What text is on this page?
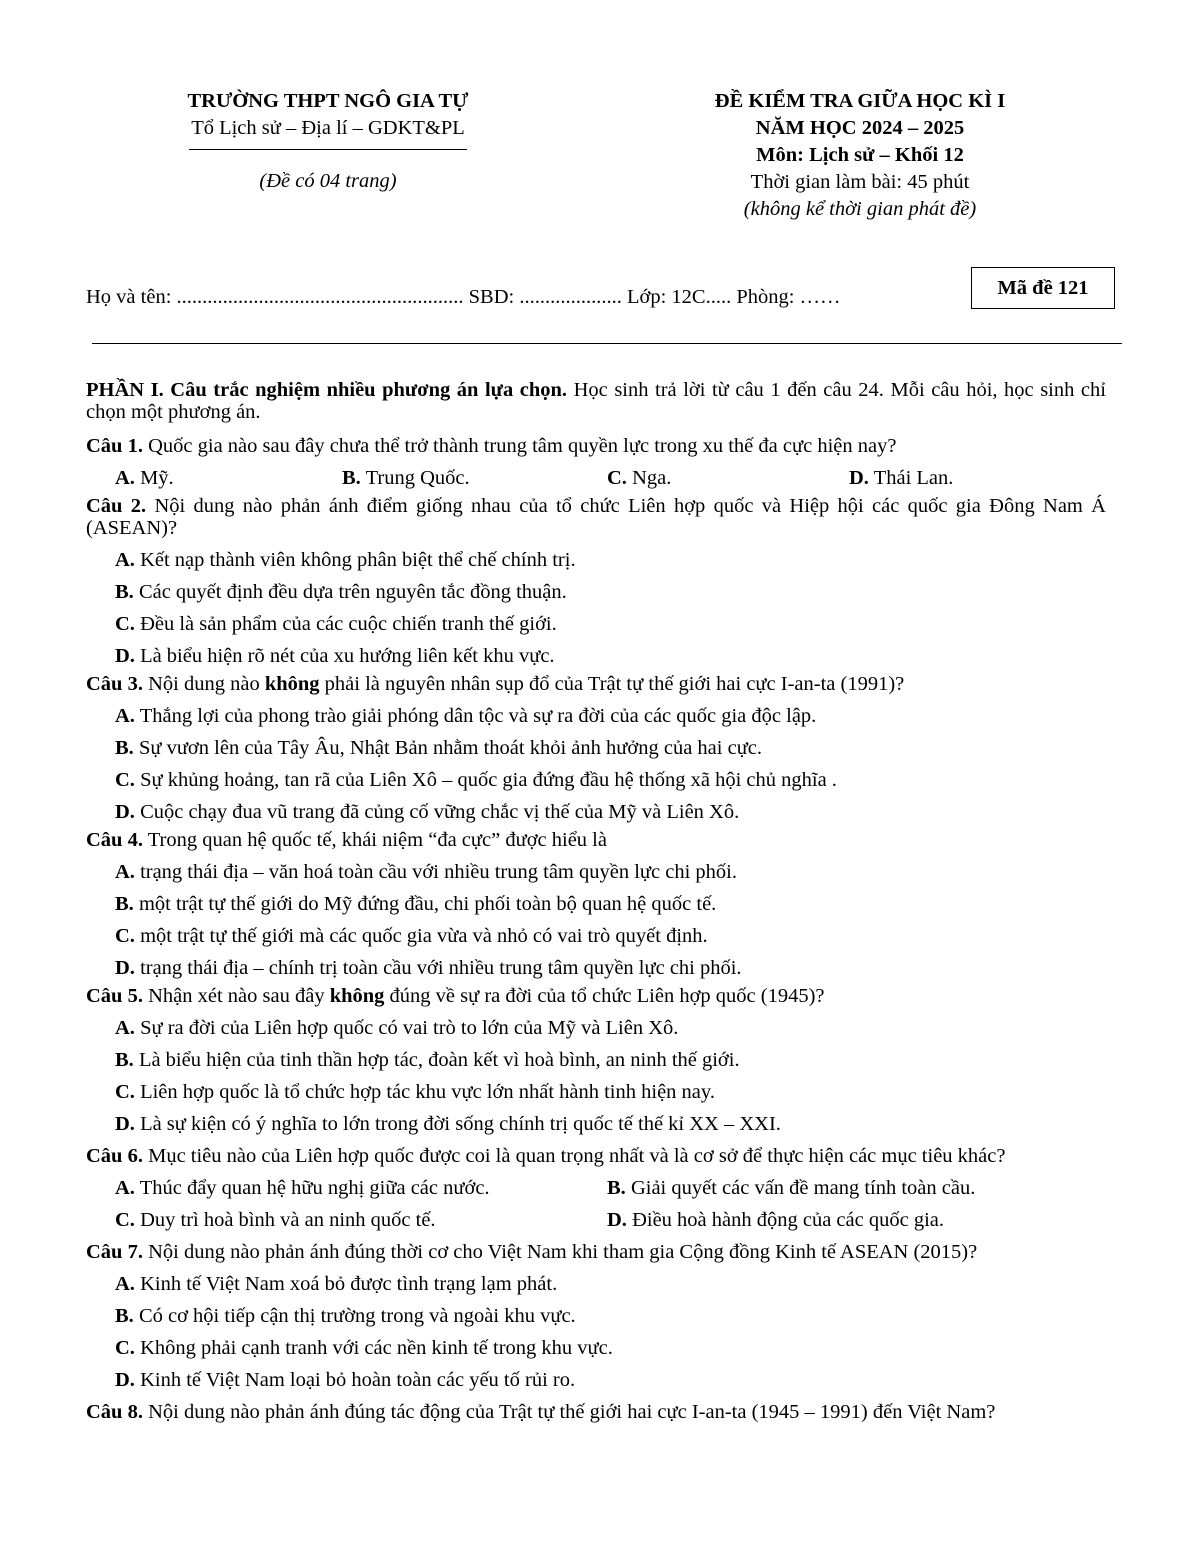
TRƯỜNG THPT NGÔ GIA TỰ
Tổ Lịch sử – Địa lí – GDKT&PL
(Đề có 04 trang)
ĐỀ KIỂM TRA GIỮA HỌC KÌ I
NĂM HỌC 2024 – 2025
Môn: Lịch sử – Khối 12
Thời gian làm bài: 45 phút
(không kể thời gian phát đề)
Họ và tên: ........................................................ SBD: .................... Lớp: 12C..... Phòng: ……	Mã đề 121
PHẦN I. Câu trắc nghiệm nhiều phương án lựa chọn. Học sinh trả lời từ câu 1 đến câu 24. Mỗi câu hỏi, học sinh chỉ chọn một phương án.
Câu 1. Quốc gia nào sau đây chưa thể trở thành trung tâm quyền lực trong xu thế đa cực hiện nay?
A. Mỹ.	B. Trung Quốc.	C. Nga.	D. Thái Lan.
Câu 2. Nội dung nào phản ánh điểm giống nhau của tổ chức Liên hợp quốc và Hiệp hội các quốc gia Đông Nam Á (ASEAN)?
A. Kết nạp thành viên không phân biệt thể chế chính trị.
B. Các quyết định đều dựa trên nguyên tắc đồng thuận.
C. Đều là sản phẩm của các cuộc chiến tranh thế giới.
D. Là biểu hiện rõ nét của xu hướng liên kết khu vực.
Câu 3. Nội dung nào không phải là nguyên nhân sụp đổ của Trật tự thế giới hai cực I-an-ta (1991)?
A. Thắng lợi của phong trào giải phóng dân tộc và sự ra đời của các quốc gia độc lập.
B. Sự vươn lên của Tây Âu, Nhật Bản nhằm thoát khỏi ảnh hưởng của hai cực.
C. Sự khủng hoảng, tan rã của Liên Xô – quốc gia đứng đầu hệ thống xã hội chủ nghĩa .
D. Cuộc chạy đua vũ trang đã củng cố vững chắc vị thế của Mỹ và Liên Xô.
Câu 4. Trong quan hệ quốc tế, khái niệm “đa cực” được hiểu là
A. trạng thái địa – văn hoá toàn cầu với nhiều trung tâm quyền lực chi phối.
B. một trật tự thế giới do Mỹ đứng đầu, chi phối toàn bộ quan hệ quốc tế.
C. một trật tự thế giới mà các quốc gia vừa và nhỏ có vai trò quyết định.
D. trạng thái địa – chính trị toàn cầu với nhiều trung tâm quyền lực chi phối.
Câu 5. Nhận xét nào sau đây không đúng về sự ra đời của tổ chức Liên hợp quốc (1945)?
A. Sự ra đời của Liên hợp quốc có vai trò to lớn của Mỹ và Liên Xô.
B. Là biểu hiện của tinh thần hợp tác, đoàn kết vì hoà bình, an ninh thế giới.
C. Liên hợp quốc là tổ chức hợp tác khu vực lớn nhất hành tinh hiện nay.
D. Là sự kiện có ý nghĩa to lớn trong đời sống chính trị quốc tế thế kỉ XX – XXI.
Câu 6. Mục tiêu nào của Liên hợp quốc được coi là quan trọng nhất và là cơ sở để thực hiện các mục tiêu khác?
A. Thúc đẩy quan hệ hữu nghị giữa các nước.	B. Giải quyết các vấn đề mang tính toàn cầu.
C. Duy trì hoà bình và an ninh quốc tế.	D. Điều hoà hành động của các quốc gia.
Câu 7. Nội dung nào phản ánh đúng thời cơ cho Việt Nam khi tham gia Cộng đồng Kinh tế ASEAN (2015)?
A. Kinh tế Việt Nam xoá bỏ được tình trạng lạm phát.
B. Có cơ hội tiếp cận thị trường trong và ngoài khu vực.
C. Không phải cạnh tranh với các nền kinh tế trong khu vực.
D. Kinh tế Việt Nam loại bỏ hoàn toàn các yếu tố rủi ro.
Câu 8. Nội dung nào phản ánh đúng tác động của Trật tự thế giới hai cực I-an-ta (1945 – 1991) đến Việt Nam?
